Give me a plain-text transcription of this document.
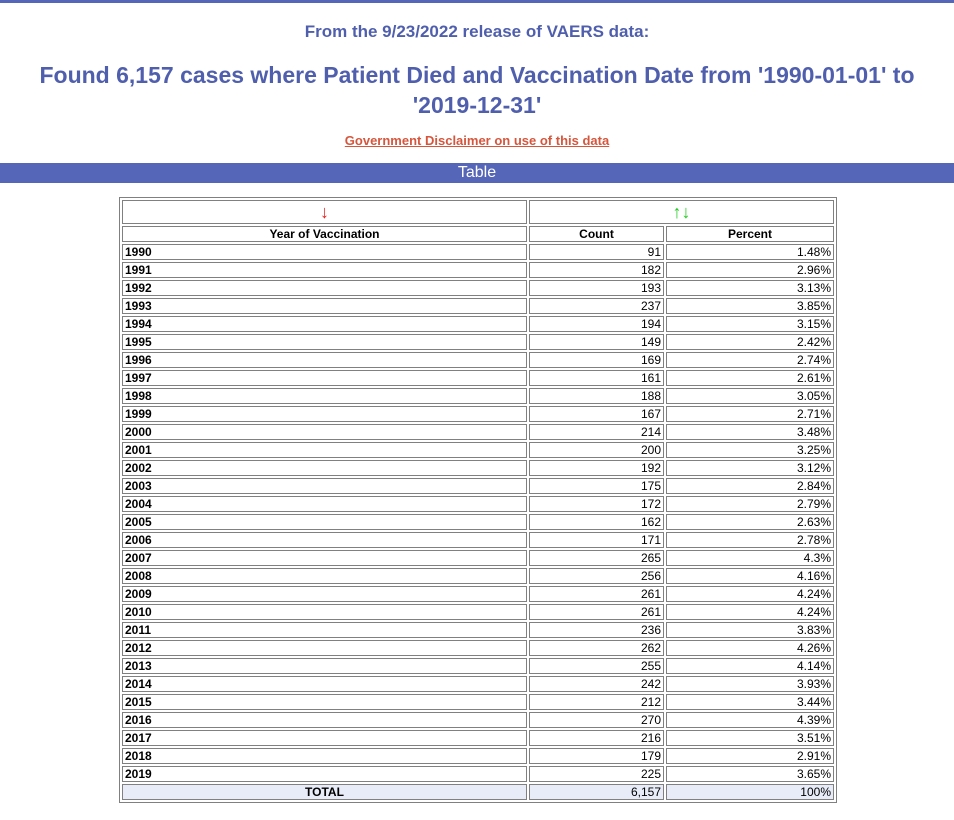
From the 9/23/2022 release of VAERS data:
Found 6,157 cases where Patient Died and Vaccination Date from '1990-01-01' to '2019-12-31'
Government Disclaimer on use of this data
Table
↓	↑↓	
Year of Vaccination	Count	Percent
1990	91	1.48%
1991	182	2.96%
1992	193	3.13%
1993	237	3.85%
1994	194	3.15%
1995	149	2.42%
1996	169	2.74%
1997	161	2.61%
1998	188	3.05%
1999	167	2.71%
2000	214	3.48%
2001	200	3.25%
2002	192	3.12%
2003	175	2.84%
2004	172	2.79%
2005	162	2.63%
2006	171	2.78%
2007	265	4.3%
2008	256	4.16%
2009	261	4.24%
2010	261	4.24%
2011	236	3.83%
2012	262	4.26%
2013	255	4.14%
2014	242	3.93%
2015	212	3.44%
2016	270	4.39%
2017	216	3.51%
2018	179	2.91%
2019	225	3.65%
TOTAL	6,157	100%
